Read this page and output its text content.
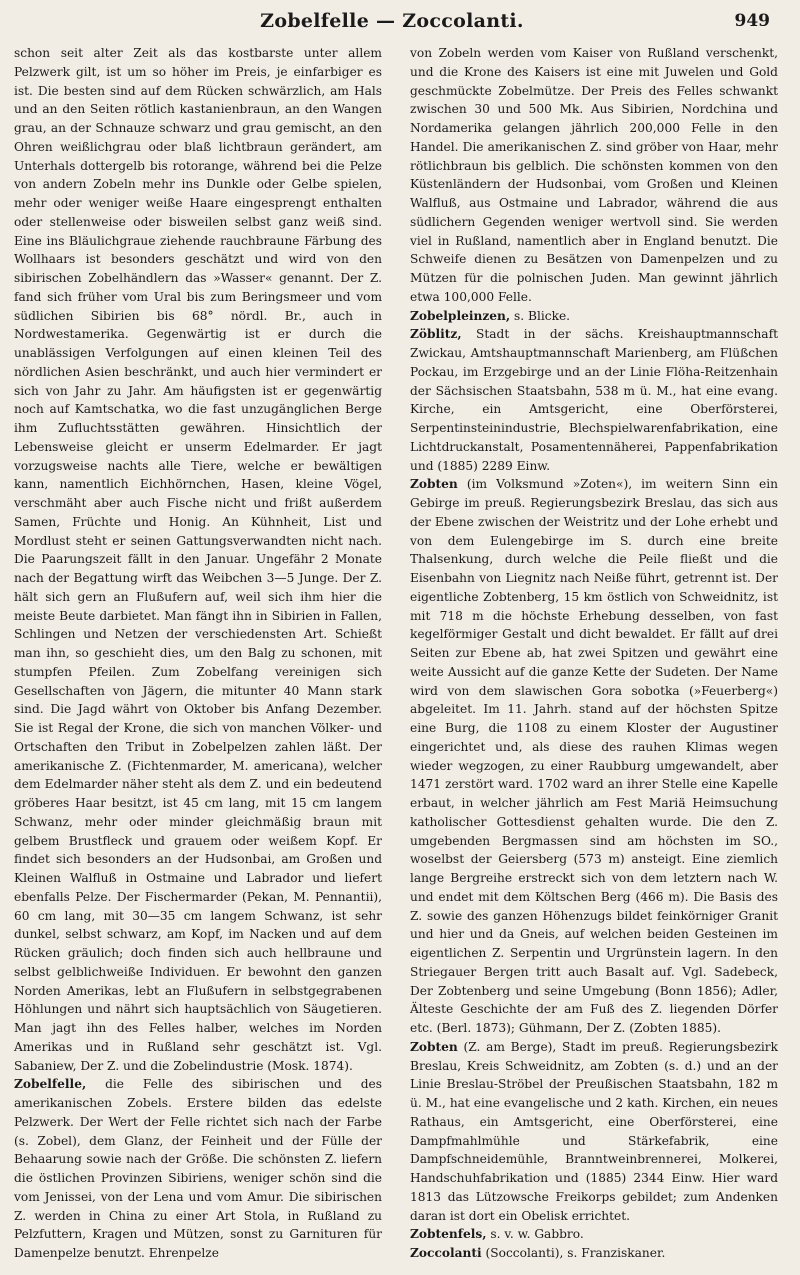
Zobelfelle — Zoccolanti.	949

schon seit alter Zeit als das kostbarste unter allem Pelzwerk gilt, ist um so höher im Preis, je einfarbiger es ist. Die besten sind auf dem Rücken schwärzlich, am Hals und an den Seiten rötlich kastanienbraun, an den Wangen grau, an der Schnauze schwarz und grau gemischt, an den Ohren weißlichgrau oder blaß lichtbraun gerändert, am Unterhals dottergelb bis rotorange, während bei die Pelze von andern Zobeln mehr ins Dunkle oder Gelbe spielen, mehr oder weniger weiße Haare eingesprengt enthalten oder stellenweise oder bisweilen selbst ganz weiß sind. Eine ins Bläulichgraue ziehende rauchbraune Färbung des Wollhaars ist besonders geschätzt und wird von den sibirischen Zobelhändlern das »Wasser« genannt. Der Z. fand sich früher vom Ural bis zum Beringsmeer und vom südlichen Sibirien bis 68° nördl. Br., auch in Nordwestamerika. Gegenwärtig ist er durch die unablässigen Verfolgungen auf einen kleinen Teil des nördlichen Asien beschränkt, und auch hier vermindert er sich von Jahr zu Jahr. Am häufigsten ist er gegenwärtig noch auf Kamtschatka, wo die fast unzugänglichen Berge ihm Zufluchtsstätten gewähren. Hinsichtlich der Lebensweise gleicht er unserm Edelmarder. Er jagt vorzugsweise nachts alle Tiere, welche er bewältigen kann, namentlich Eichhörnchen, Hasen, kleine Vögel, verschmäht aber auch Fische nicht und frißt außerdem Samen, Früchte und Honig. An Kühnheit, List und Mordlust steht er seinen Gattungsverwandten nicht nach. Die Paarungszeit fällt in den Januar. Ungefähr 2 Monate nach der Begattung wirft das Weibchen 3—5 Junge. Der Z. hält sich gern an Flußufern auf, weil sich ihm hier die meiste Beute darbietet. Man fängt ihn in Sibirien in Fallen, Schlingen und Netzen der verschiedensten Art. Schießt man ihn, so geschieht dies, um den Balg zu schonen, mit stumpfen Pfeilen. Zum Zobelfang vereinigen sich Gesellschaften von Jägern, die mitunter 40 Mann stark sind. Die Jagd währt von Oktober bis Anfang Dezember. Sie ist Regal der Krone, die sich von manchen Völker- und Ortschaften den Tribut in Zobelpelzen zahlen läßt. Der amerikanische Z. (Fichtenmarder, M. americana), welcher dem Edelmarder näher steht als dem Z. und ein bedeutend gröberes Haar besitzt, ist 45 cm lang, mit 15 cm langem Schwanz, mehr oder minder gleichmäßig braun mit gelbem Brustfleck und grauem oder weißem Kopf. Er findet sich besonders an der Hudsonbai, am Großen und Kleinen Walfluß in Ostmaine und Labrador und liefert ebenfalls Pelze. Der Fischermarder (Pekan, M. Pennantii), 60 cm lang, mit 30—35 cm langem Schwanz, ist sehr dunkel, selbst schwarz, am Kopf, im Nacken und auf dem Rücken gräulich; doch finden sich auch hellbraune und selbst gelblichweiße Individuen. Er bewohnt den ganzen Norden Amerikas, lebt an Flußufern in selbstgegrabenen Höhlungen und nährt sich hauptsächlich von Säugetieren. Man jagt ihn des Felles halber, welches im Norden Amerikas und in Rußland sehr geschätzt ist. Vgl. Sabaniew, Der Z. und die Zobelindustrie (Mosk. 1874).

Zobelfelle, die Felle des sibirischen und des amerikanischen Zobels. Erstere bilden das edelste Pelzwerk. Der Wert der Felle richtet sich nach der Farbe (s. Zobel), dem Glanz, der Feinheit und der Fülle der Behaarung sowie nach der Größe. Die schönsten Z. liefern die östlichen Provinzen Sibiriens, weniger schön sind die vom Jenissei, von der Lena und vom Amur. Die sibirischen Z. werden in China zu einer Art Stola, in Rußland zu Pelzfuttern, Kragen und Mützen, sonst zu Garnituren für Damenpelze benutzt. Ehrenpelze

von Zobeln werden vom Kaiser von Rußland verschenkt, und die Krone des Kaisers ist eine mit Juwelen und Gold geschmückte Zobelmütze. Der Preis des Felles schwankt zwischen 30 und 500 Mk. Aus Sibirien, Nordchina und Nordamerika gelangen jährlich 200,000 Felle in den Handel. Die amerikanischen Z. sind gröber von Haar, mehr rötlichbraun bis gelblich. Die schönsten kommen von den Küstenländern der Hudsonbai, vom Großen und Kleinen Walfluß, aus Ostmaine und Labrador, während die aus südlichern Gegenden weniger wertvoll sind. Sie werden viel in Rußland, namentlich aber in England benutzt. Die Schweife dienen zu Besätzen von Damenpelzen und zu Mützen für die polnischen Juden. Man gewinnt jährlich etwa 100,000 Felle.

Zobelpleinzen, s. Blicke.

Zöblitz, Stadt in der sächs. Kreishauptmannschaft Zwickau, Amtshauptmannschaft Marienberg, am Flüßchen Pockau, im Erzgebirge und an der Linie Flöha-Reitzenhain der Sächsischen Staatsbahn, 538 m ü. M., hat eine evang. Kirche, ein Amtsgericht, eine Oberförsterei, Serpentinsteinindustrie, Blechspielwarenfabrikation, eine Lichtdruckanstalt, Posamentennäherei, Pappenfabrikation und (1885) 2289 Einw.

Zobten (im Volksmund »Zoten«), im weitern Sinn ein Gebirge im preuß. Regierungsbezirk Breslau, das sich aus der Ebene zwischen der Weistritz und der Lohe erhebt und von dem Eulengebirge im S. durch eine breite Thalsenkung, durch welche die Peile fließt und die Eisenbahn von Liegnitz nach Neiße führt, getrennt ist. Der eigentliche Zobtenberg, 15 km östlich von Schweidnitz, ist mit 718 m die höchste Erhebung desselben, von fast kegelförmiger Gestalt und dicht bewaldet. Er fällt auf drei Seiten zur Ebene ab, hat zwei Spitzen und gewährt eine weite Aussicht auf die ganze Kette der Sudeten. Der Name wird von dem slawischen Gora sobotka (»Feuerberg«) abgeleitet. Im 11. Jahrh. stand auf der höchsten Spitze eine Burg, die 1108 zu einem Kloster der Augustiner eingerichtet und, als diese des rauhen Klimas wegen wieder wegzogen, zu einer Raubburg umgewandelt, aber 1471 zerstört ward. 1702 ward an ihrer Stelle eine Kapelle erbaut, in welcher jährlich am Fest Mariä Heimsuchung katholischer Gottesdienst gehalten wurde. Die den Z. umgebenden Bergmassen sind am höchsten im SO., woselbst der Geiersberg (573 m) ansteigt. Eine ziemlich lange Bergreihe erstreckt sich von dem letztern nach W. und endet mit dem Költschen Berg (466 m). Die Basis des Z. sowie des ganzen Höhenzugs bildet feinkörniger Granit und hier und da Gneis, auf welchen beiden Gesteinen im eigentlichen Z. Serpentin und Urgrünstein lagern. In den Striegauer Bergen tritt auch Basalt auf. Vgl. Sadebeck, Der Zobtenberg und seine Umgebung (Bonn 1856); Adler, Älteste Geschichte der am Fuß des Z. liegenden Dörfer etc. (Berl. 1873); Gühmann, Der Z. (Zobten 1885).

Zobten (Z. am Berge), Stadt im preuß. Regierungsbezirk Breslau, Kreis Schweidnitz, am Zobten (s. d.) und an der Linie Breslau-Ströbel der Preußischen Staatsbahn, 182 m ü. M., hat eine evangelische und 2 kath. Kirchen, ein neues Rathaus, ein Amtsgericht, eine Oberförsterei, eine Dampfmahlmühle und Stärkefabrik, eine Dampfschneidemühle, Branntweinbrennerei, Molkerei, Handschuhfabrikation und (1885) 2344 Einw. Hier ward 1813 das Lützowsche Freikorps gebildet; zum Andenken daran ist dort ein Obelisk errichtet.

Zobtenfels, s. v. w. Gabbro.

Zoccolanti (Soccolanti), s. Franziskaner.
